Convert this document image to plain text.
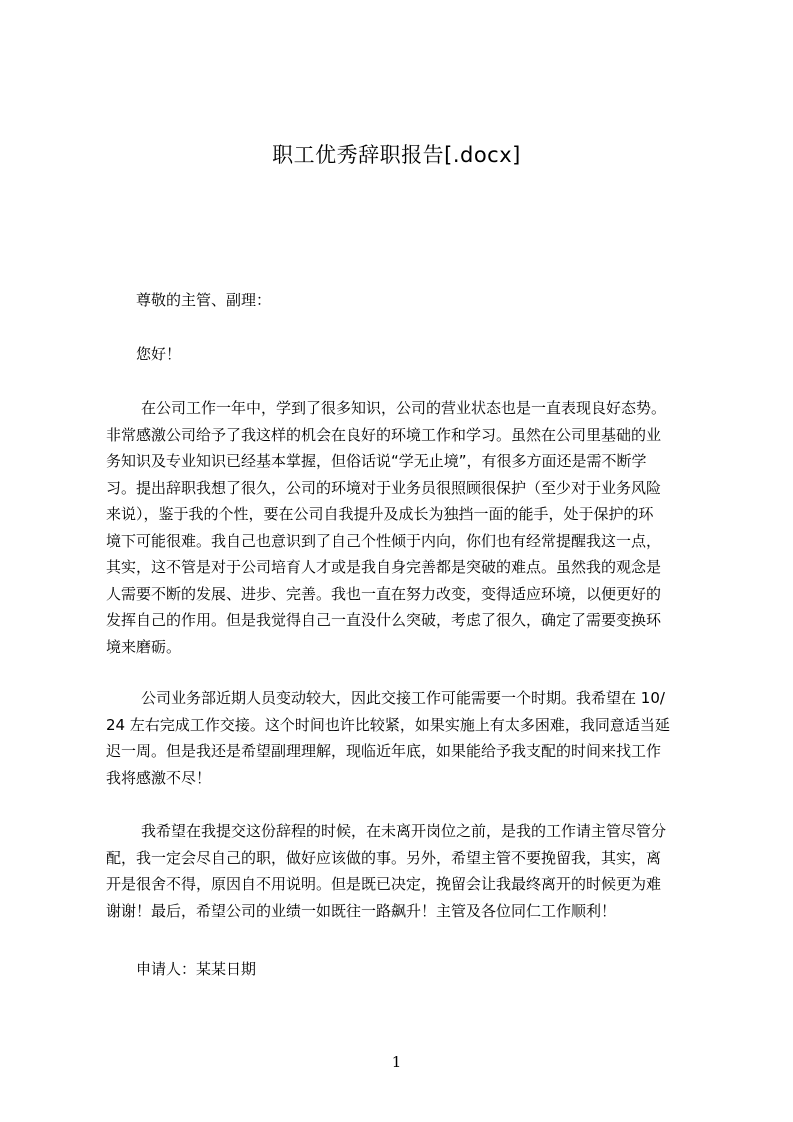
职工优秀辞职报告[.docx]
尊敬的主管、副理：
您好！
在公司工作一年中，学到了很多知识，公司的营业状态也是一直表现良好态势。
非常感激公司给予了我这样的机会在良好的环境工作和学习。虽然在公司里基础的业
务知识及专业知识已经基本掌握，但俗话说“学无止境”，有很多方面还是需不断学
习。提出辞职我想了很久，公司的环境对于业务员很照顾很保护（至少对于业务风险
来说），鉴于我的个性，要在公司自我提升及成长为独挡一面的能手，处于保护的环
境下可能很难。我自己也意识到了自己个性倾于内向，你们也有经常提醒我这一点，
其实，这不管是对于公司培育人才或是我自身完善都是突破的难点。虽然我的观念是
人需要不断的发展、进步、完善。我也一直在努力改变，变得适应环境，以便更好的
发挥自己的作用。但是我觉得自己一直没什么突破，考虑了很久，确定了需要变换环
境来磨砺。
公司业务部近期人员变动较大，因此交接工作可能需要一个时期。我希望在 10/
24 左右完成工作交接。这个时间也许比较紧，如果实施上有太多困难，我同意适当延
迟一周。但是我还是希望副理理解，现临近年底，如果能给予我支配的时间来找工作
我将感激不尽！
我希望在我提交这份辞程的时候，在未离开岗位之前，是我的工作请主管尽管分
配，我一定会尽自己的职，做好应该做的事。另外，希望主管不要挽留我，其实，离
开是很舍不得，原因自不用说明。但是既已决定，挽留会让我最终离开的时候更为难
谢谢！最后，希望公司的业绩一如既往一路飙升！主管及各位同仁工作顺利！
申请人：某某日期
1
